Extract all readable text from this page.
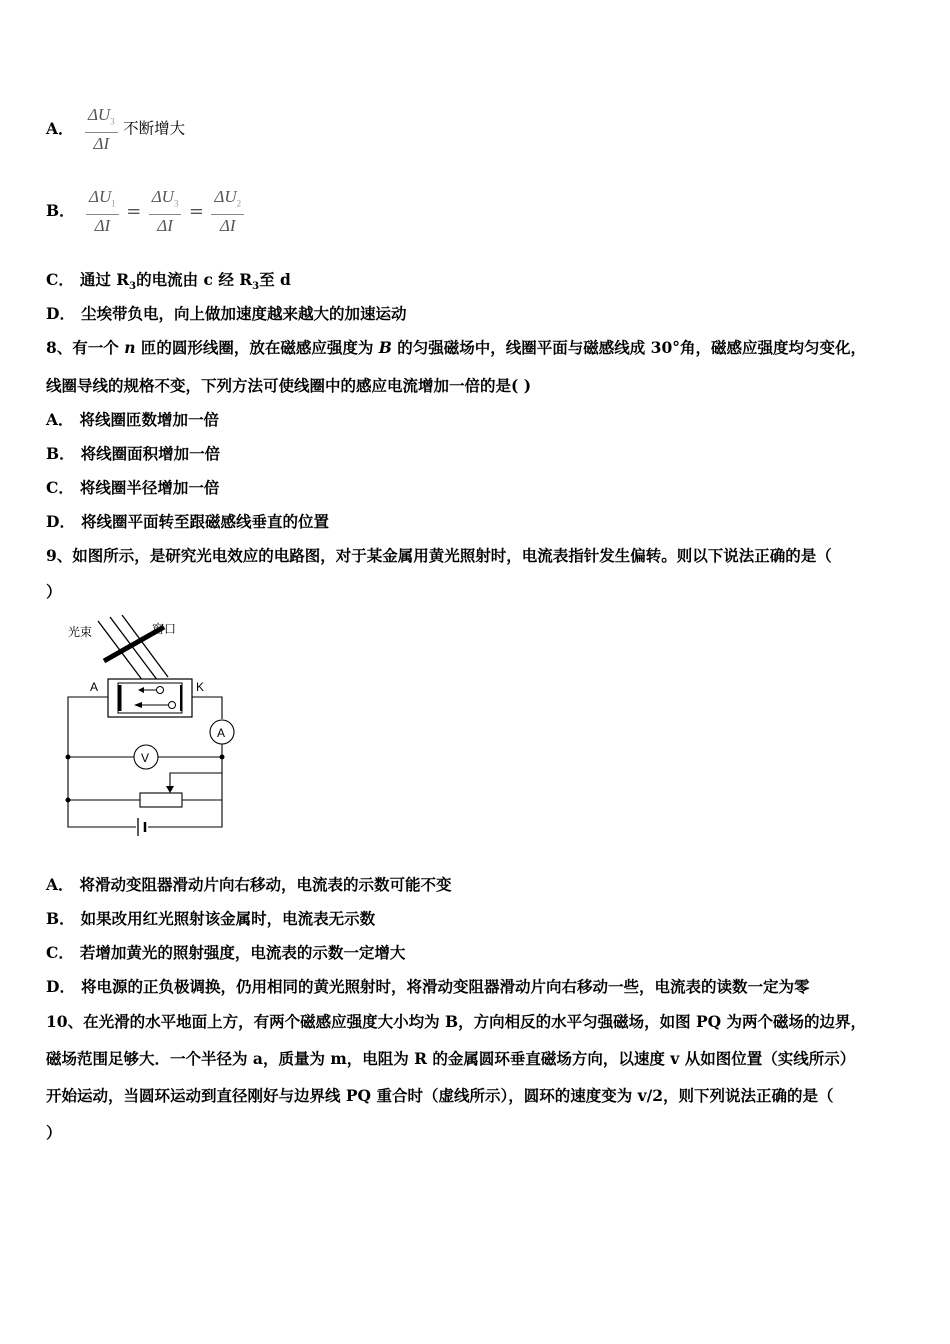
A． $\frac{\Delta U_3}{\Delta I}$ 不断增大
B． $\frac{\Delta U_1}{\Delta I} = \frac{\Delta U_3}{\Delta I} = \frac{\Delta U_2}{\Delta I}$
C． 通过 $R_3$的电流由 c 经 $R_3$至 d
D． 尘埃带负电，向上做加速度越来越大的加速运动
8、有一个 n 匝的圆形线圈，放在磁感应强度为 B 的匀强磁场中，线圈平面与磁感线成 30°角，磁感应强度均匀变化，
线圈导线的规格不变，下列方法可使线圈中的感应电流增加一倍的是( )
A． 将线圈匝数增加一倍
B． 将线圈面积增加一倍
C． 将线圈半径增加一倍
D． 将线圈平面转至跟磁感线垂直的位置
9、如图所示，是研究光电效应的电路图，对于某金属用黄光照射时，电流表指针发生偏转。则以下说法正确的是（
）
光束	窗口
A	K
A
V
A． 将滑动变阻器滑动片向右移动，电流表的示数可能不变
B． 如果改用红光照射该金属时，电流表无示数
C． 若增加黄光的照射强度，电流表的示数一定增大
D． 将电源的正负极调换，仍用相同的黄光照射时，将滑动变阻器滑动片向右移动一些，电流表的读数一定为零
10、在光滑的水平地面上方，有两个磁感应强度大小均为 B，方向相反的水平匀强磁场，如图 PQ 为两个磁场的边界，
磁场范围足够大．一个半径为 a，质量为 m，电阻为 R 的金属圆环垂直磁场方向，以速度 v 从如图位置（实线所示）
开始运动，当圆环运动到直径刚好与边界线 PQ 重合时（虚线所示），圆环的速度变为 v/2，则下列说法正确的是（
）
